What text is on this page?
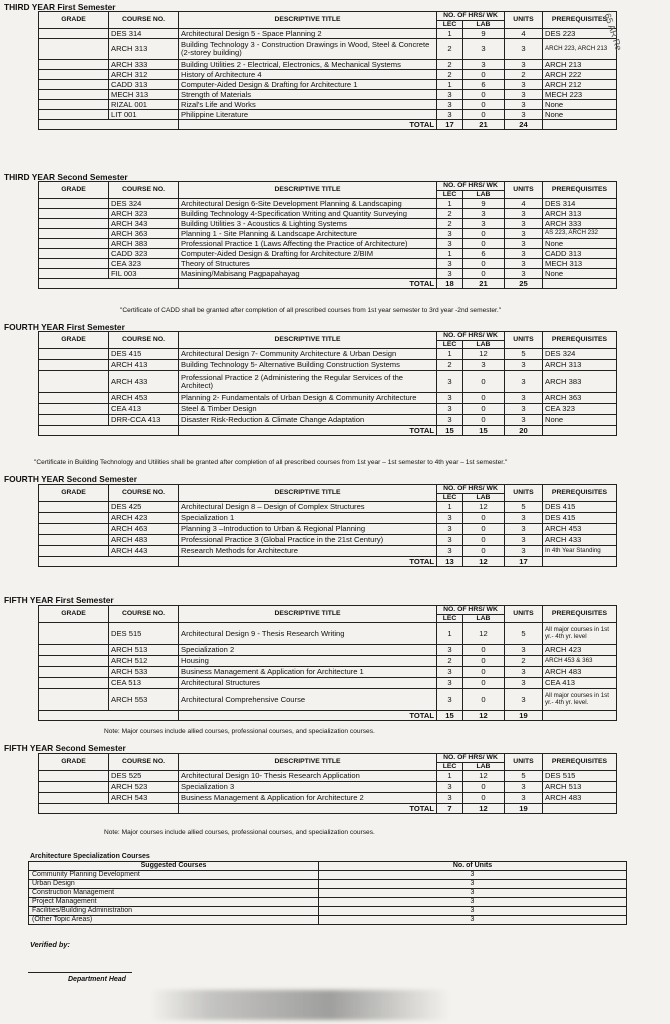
THIRD YEAR First Semester
GRADE	COURSE NO.	DESCRIPTIVE TITLE	NO. OF HRS/ WK		UNITS	PREREQUISITES
			LEC	LAB		
	DES 314	Architectural Design 5 - Space Planning 2	1	9	4	DES 223
	ARCH 313	Building Technology 3 - Construction Drawings in Wood, Steel & Concrete (2-storey building)	2	3	3	ARCH 223, ARCH 213
	ARCH 333	Building Utilities 2 - Electrical, Electronics, & Mechanical Systems	2	3	3	ARCH 213
	ARCH 312	History of Architecture 4	2	0	2	ARCH 222
	CADD 313	Computer-Aided Design & Drafting for Architecture 1	1	6	3	ARCH 212
	MECH 313	Strength of Materials	3	0	3	MECH 223
	RIZAL 001	Rizal's Life and Works	3	0	3	None
	LIT 001	Philippine Literature	3	0	3	None
		TOTAL	17	21	24	
THIRD YEAR Second Semester
GRADE	COURSE NO.	DESCRIPTIVE TITLE	NO. OF HRS/ WK		UNITS	PREREQUISITES
			LEC	LAB		
	DES 324	Architectural Design 6-Site Development Planning & Landscaping	1	9	4	DES 314
	ARCH 323	Building Technology 4-Specification Writing and Quantity Surveying	2	3	3	ARCH 313
	ARCH 343	Building Utilities 3 - Acoustics & Lighting Systems	2	3	3	ARCH 333
	ARCH 363	Planning 1 - Site Planning & Landscape Architecture	3	0	3	AS 223, ARCH 232
	ARCH 383	Professional Practice 1 (Laws Affecting the Practice of Architecture)	3	0	3	None
	CADD 323	Computer-Aided Design & Drafting for Architecture 2/BIM	1	6	3	CADD 313
	CEA 323	Theory of Structures	3	0	3	MECH 313
	FIL 003	Masining/Mabisang Pagpapahayag	3	0	3	None
		TOTAL	18	21	25	
"Certificate of CADD shall be granted after completion of all prescribed courses from 1st year semester to 3rd year -2nd semester."
FOURTH YEAR First Semester
GRADE	COURSE NO.	DESCRIPTIVE TITLE	NO. OF HRS/ WK		UNITS	PREREQUISITES
			LEC	LAB		
	DES 415	Architectural Design 7- Community Architecture & Urban Design	1	12	5	DES 324
	ARCH 413	Building Technology 5- Alternative Building Construction Systems	2	3	3	ARCH 313
	ARCH 433	Professional Practice 2 (Administering the Regular Services of the Architect)	3	0	3	ARCH 383
	ARCH 453	Planning 2- Fundamentals of Urban Design & Community Architecture	3	0	3	ARCH 363
	CEA 413	Steel & Timber Design	3	0	3	CEA 323
	DRR-CCA 413	Disaster Risk-Reduction & Climate Change Adaptation	3	0	3	None
		TOTAL	15	15	20	
"Certificate in Building Technology and Utilities shall be granted after completion of all prescribed courses from 1st year – 1st semester to 4th year – 1st semester."
FOURTH YEAR Second Semester
GRADE	COURSE NO.	DESCRIPTIVE TITLE	NO. OF HRS/ WK		UNITS	PREREQUISITES
			LEC	LAB		
	DES 425	Architectural Design 8 – Design of Complex Structures	1	12	5	DES 415
	ARCH 423	Specialization 1	3	0	3	DES 415
	ARCH 463	Planning 3 –Introduction to Urban & Regional Planning	3	0	3	ARCH 453
	ARCH 483	Professional Practice 3 (Global Practice in the 21st Century)	3	0	3	ARCH 433
	ARCH 443	Research Methods for Architecture	3	0	3	In 4th Year Standing
		TOTAL	13	12	17	
FIFTH YEAR First Semester
GRADE	COURSE NO.	DESCRIPTIVE TITLE	NO. OF HRS/ WK		UNITS	PREREQUISITES
			LEC	LAB		
	DES 515	Architectural Design 9 - Thesis Research Writing	1	12	5	All major courses in 1st yr.- 4th yr. level
	ARCH 513	Specialization 2	3	0	3	ARCH 423
	ARCH 512	Housing	2	0	2	ARCH 453 & 363
	ARCH 533	Business Management & Application for Architecture 1	3	0	3	ARCH 483
	CEA 513	Architectural Structures	3	0	3	CEA 413
	ARCH 553	Architectural Comprehensive Course	3	0	3	All major courses in 1st yr.- 4th yr. level.
		TOTAL	15	12	19	
Note: Major courses include allied courses, professional courses, and specialization courses.
FIFTH YEAR Second Semester
GRADE	COURSE NO.	DESCRIPTIVE TITLE	NO. OF HRS/ WK		UNITS	PREREQUISITES
			LEC	LAB		
	DES 525	Architectural Design 10- Thesis Research Application	1	12	5	DES 515
	ARCH 523	Specialization 3	3	0	3	ARCH 513
	ARCH 543	Business Management & Application for Architecture 2	3	0	3	ARCH 483
		TOTAL	7	12	19	
Note: Major courses include allied courses, professional courses, and specialization courses.
Architecture Specialization Courses
Suggested Courses	No. of Units
Community Planning Development	3
Urban Design	3
Construction Management	3
Project Management	3
Facilities/Building Administration	3
(Other Topic Areas)	3
Verified by:
Department Head
65 AR Re
